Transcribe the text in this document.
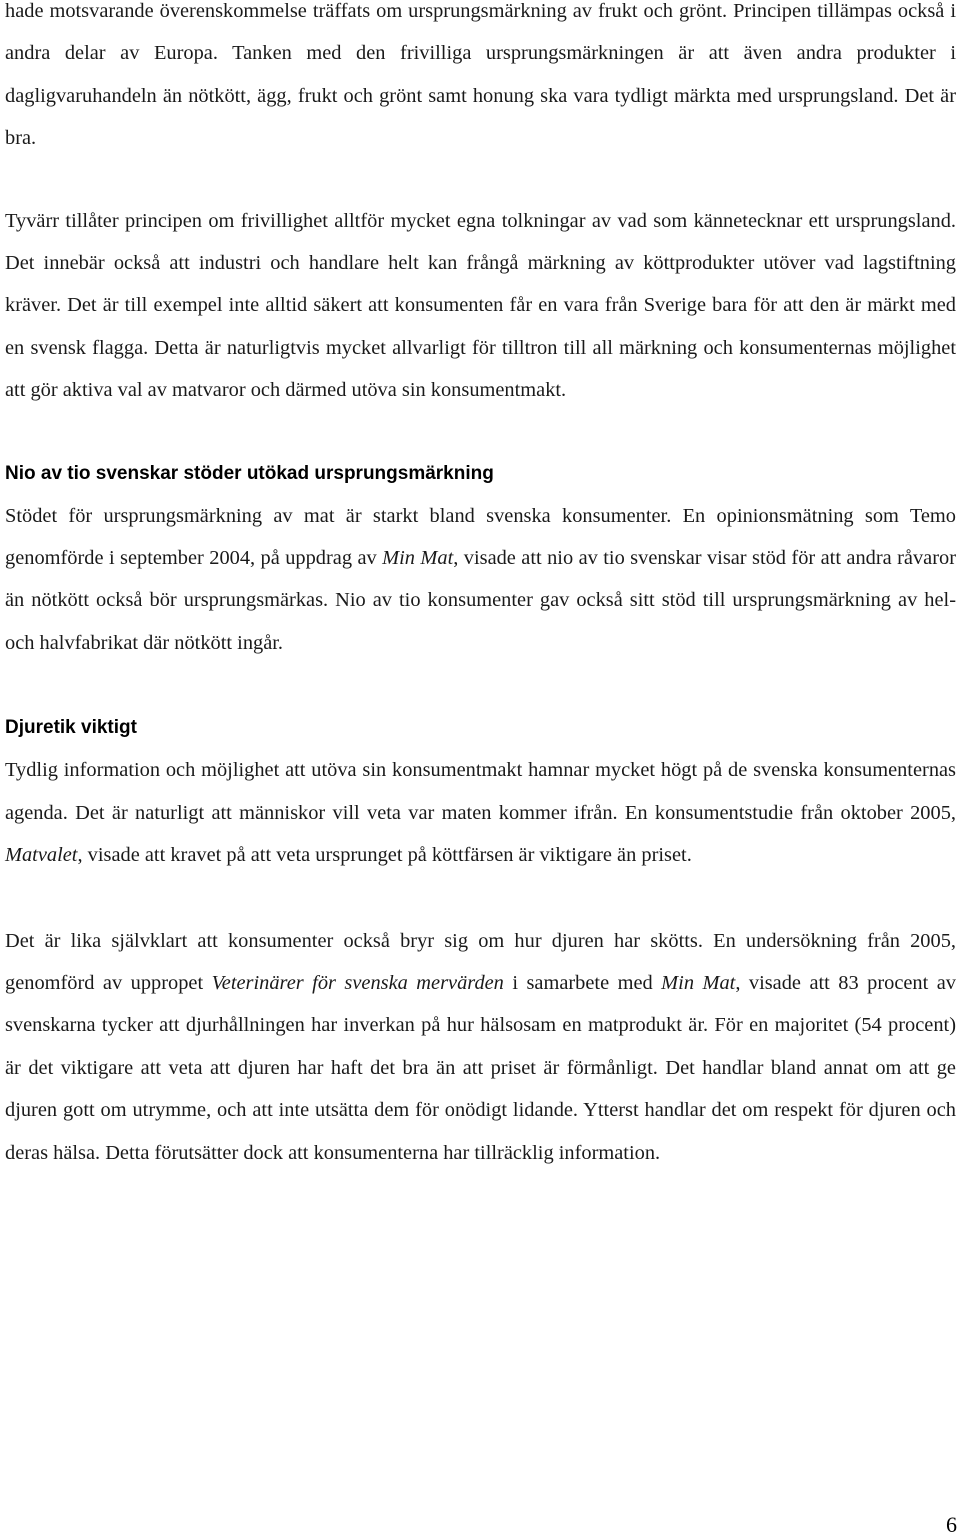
hade motsvarande överenskommelse träffats om ursprungsmärkning av frukt och grönt. Principen tillämpas också i andra delar av Europa. Tanken med den frivilliga ursprungsmärkningen är att även andra produkter i dagligvaruhandeln än nötkött, ägg, frukt och grönt samt honung ska vara tydligt märkta med ursprungsland. Det är bra.

Tyvärr tillåter principen om frivillighet alltför mycket egna tolkningar av vad som kännetecknar ett ursprungsland. Det innebär också att industri och handlare helt kan frångå märkning av köttprodukter utöver vad lagstiftning kräver. Det är till exempel inte alltid säkert att konsumenten får en vara från Sverige bara för att den är märkt med en svensk flagga. Detta är naturligtvis mycket allvarligt för tilltron till all märkning och konsumenternas möjlighet att gör aktiva val av matvaror och därmed utöva sin konsumentmakt.

Nio av tio svenskar stöder utökad ursprungsmärkning

Stödet för ursprungsmärkning av mat är starkt bland svenska konsumenter. En opinionsmätning som Temo genomförde i september 2004, på uppdrag av Min Mat, visade att nio av tio svenskar visar stöd för att andra råvaror än nötkött också bör ursprungsmärkas. Nio av tio konsumenter gav också sitt stöd till ursprungsmärkning av hel- och halvfabrikat där nötkött ingår.

Djuretik viktigt

Tydlig information och möjlighet att utöva sin konsumentmakt hamnar mycket högt på de svenska konsumenternas agenda. Det är naturligt att människor vill veta var maten kommer ifrån. En konsumentstudie från oktober 2005, Matvalet, visade att kravet på att veta ursprunget på köttfärsen är viktigare än priset.

Det är lika självklart att konsumenter också bryr sig om hur djuren har skötts. En undersökning från 2005, genomförd av uppropet Veterinärer för svenska mervärden i samarbete med Min Mat, visade att 83 procent av svenskarna tycker att djurhållningen har inverkan på hur hälsosam en matprodukt är. För en majoritet (54 procent) är det viktigare att veta att djuren har haft det bra än att priset är förmånligt. Det handlar bland annat om att ge djuren gott om utrymme, och att inte utsätta dem för onödigt lidande. Ytterst handlar det om respekt för djuren och deras hälsa. Detta förutsätter dock att konsumenterna har tillräcklig information.

6
